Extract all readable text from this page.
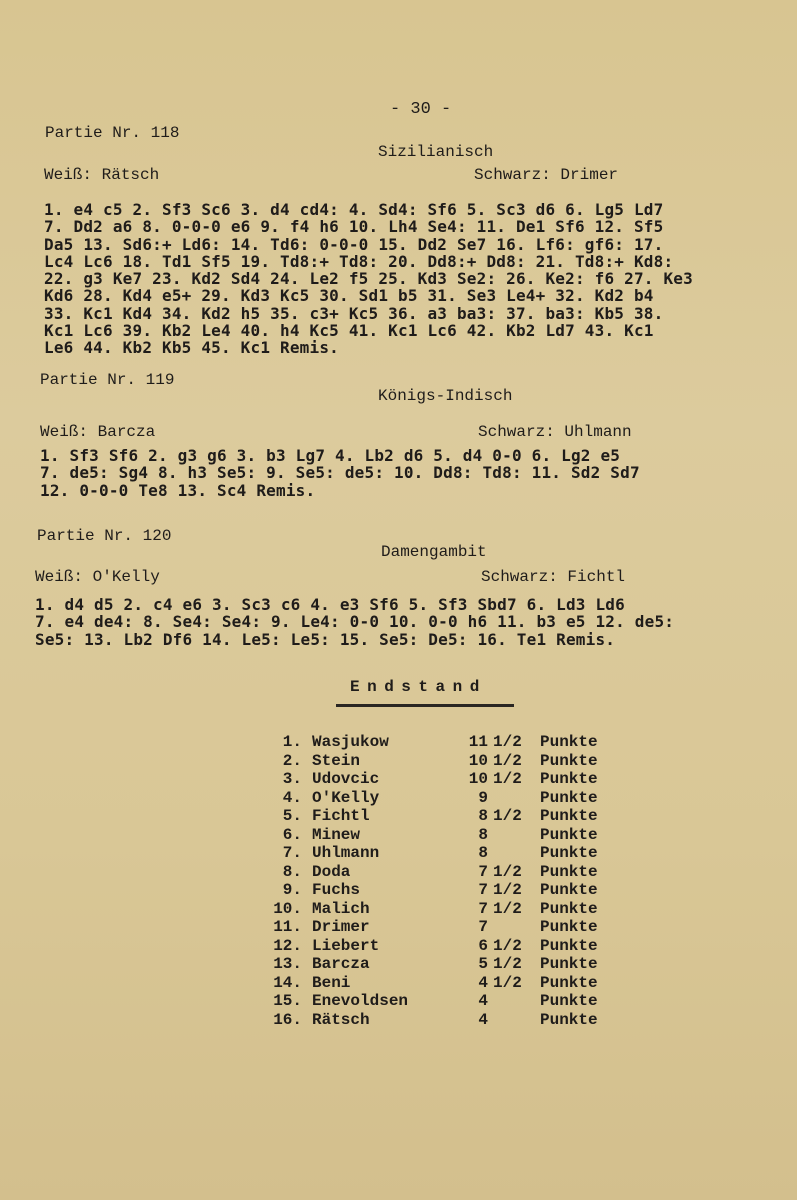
- 30 -
Partie Nr. 118
Sizilianisch
Weiß: Rätsch	Schwarz: Drimer
1. e4 c5 2. Sf3 Sc6 3. d4 cd4: 4. Sd4: Sf6 5. Sc3 d6 6. Lg5 Ld7
7. Dd2 a6 8. 0-0-0 e6 9. f4 h6 10. Lh4 Se4: 11. De1 Sf6 12. Sf5
Da5 13. Sd6:+ Ld6: 14. Td6: 0-0-0 15. Dd2 Se7 16. Lf6: gf6: 17.
Lc4 Lc6 18. Td1 Sf5 19. Td8:+ Td8: 20. Dd8:+ Dd8: 21. Td8:+ Kd8:
22. g3 Ke7 23. Kd2 Sd4 24. Le2 f5 25. Kd3 Se2: 26. Ke2: f6 27. Ke3
Kd6 28. Kd4 e5+ 29. Kd3 Kc5 30. Sd1 b5 31. Se3 Le4+ 32. Kd2 b4
33. Kc1 Kd4 34. Kd2 h5 35. c3+ Kc5 36. a3 ba3: 37. ba3: Kb5 38.
Kc1 Lc6 39. Kb2 Le4 40. h4 Kc5 41. Kc1 Lc6 42. Kb2 Ld7 43. Kc1
Le6 44. Kb2 Kb5 45. Kc1 Remis.
Partie Nr. 119
Königs-Indisch
Weiß: Barcza	Schwarz: Uhlmann
1. Sf3 Sf6 2. g3 g6 3. b3 Lg7 4. Lb2 d6 5. d4 0-0 6. Lg2 e5
7. de5: Sg4 8. h3 Se5: 9. Se5: de5: 10. Dd8: Td8: 11. Sd2 Sd7
12. 0-0-0 Te8 13. Sc4 Remis.
Partie Nr. 120
Damengambit
Weiß: O'Kelly	Schwarz: Fichtl
1. d4 d5 2. c4 e6 3. Sc3 c6 4. e3 Sf6 5. Sf3 Sbd7 6. Ld3 Ld6
7. e4 de4: 8. Se4: Se4: 9. Le4: 0-0 10. 0-0 h6 11. b3 e5 12. de5:
Se5: 13. Lb2 Df6 14. Le5: Le5: 15. Se5: De5: 16. Te1 Remis.
Endstand
1. Wasjukow	11 1/2 Punkte
2. Stein	10 1/2 Punkte
3. Udovcic	10 1/2 Punkte
4. O'Kelly	9	Punkte
5. Fichtl	8 1/2 Punkte
6. Minew	8	Punkte
7. Uhlmann	8	Punkte
8. Doda	7 1/2 Punkte
9. Fuchs	7 1/2 Punkte
10. Malich	7 1/2 Punkte
11. Drimer	7	Punkte
12. Liebert	6 1/2 Punkte
13. Barcza	5 1/2 Punkte
14. Beni	4 1/2 Punkte
15. Enevoldsen	4	Punkte
16. Rätsch	4	Punkte
